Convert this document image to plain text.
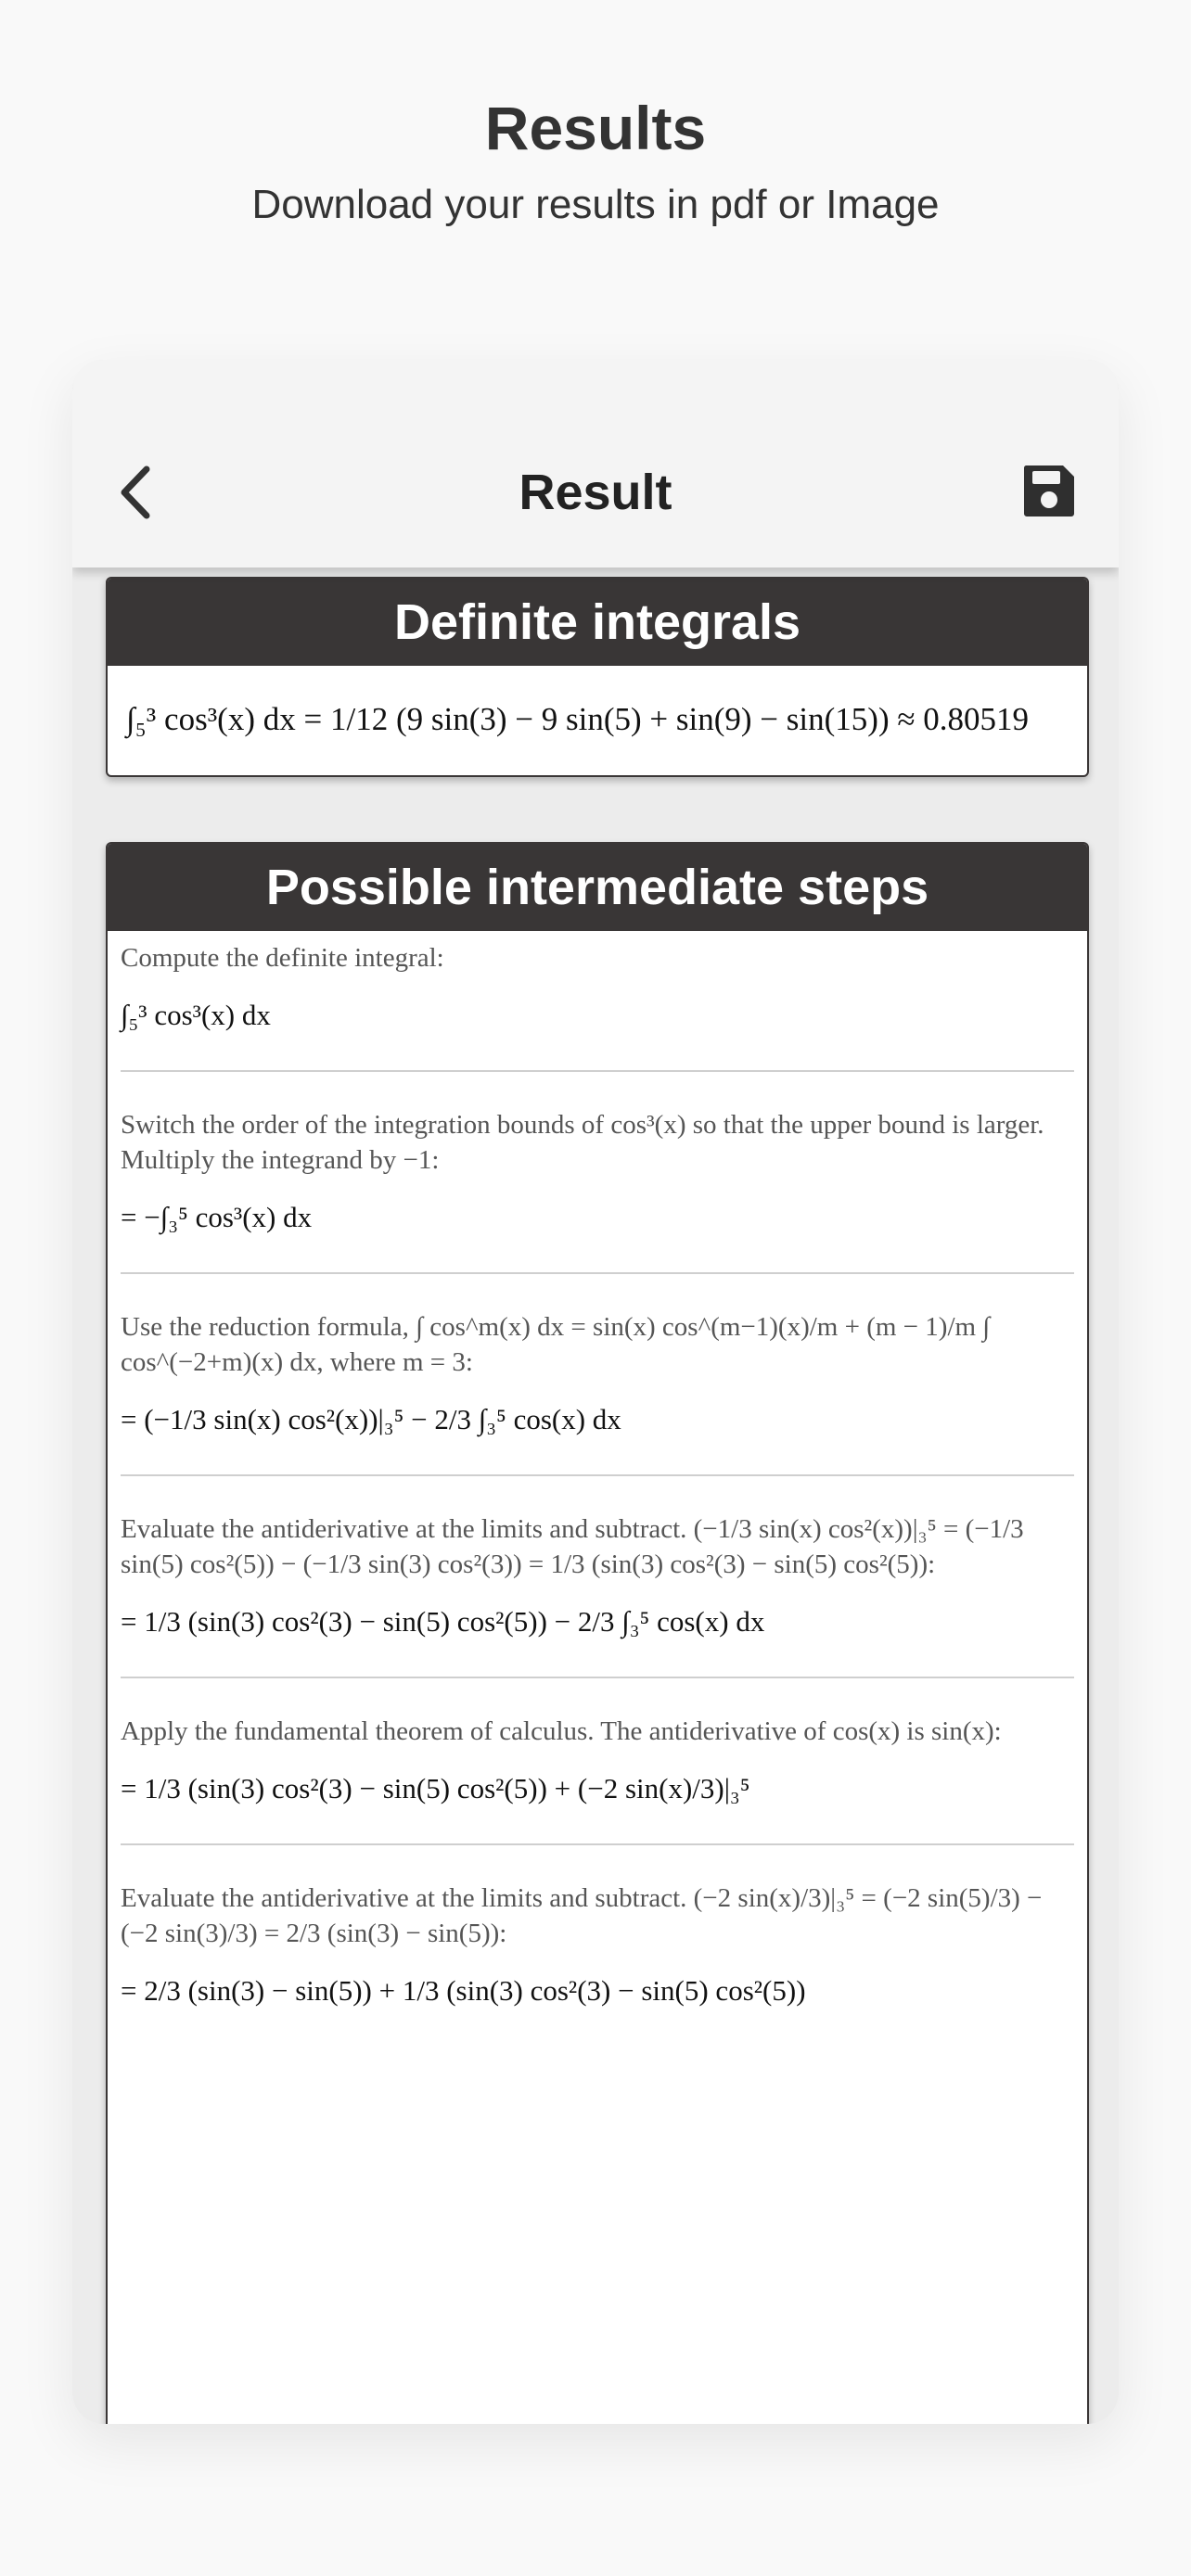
Results
Download your results in pdf or Image
Result
Definite integrals
∫₅³ cos³(x) dx = 1/12 (9 sin(3) − 9 sin(5) + sin(9) − sin(15)) ≈ 0.80519
Possible intermediate steps
Compute the definite integral:
∫₅³ cos³(x) dx
Switch the order of the integration bounds of cos³(x) so that the upper bound is larger. Multiply the integrand by −1:
= −∫₃⁵ cos³(x) dx
Use the reduction formula, ∫ cos^m(x) dx = sin(x) cos^(m−1)(x)/m + (m − 1)/m ∫ cos^(−2+m)(x) dx, where m = 3:
= (−1/3 sin(x) cos²(x))|₃⁵ − 2/3 ∫₃⁵ cos(x) dx
Evaluate the antiderivative at the limits and subtract. (−1/3 sin(x) cos²(x))|₃⁵ = (−1/3 sin(5) cos²(5)) − (−1/3 sin(3) cos²(3)) = 1/3 (sin(3) cos²(3) − sin(5) cos²(5)):
= 1/3 (sin(3) cos²(3) − sin(5) cos²(5)) − 2/3 ∫₃⁵ cos(x) dx
Apply the fundamental theorem of calculus. The antiderivative of cos(x) is sin(x):
= 1/3 (sin(3) cos²(3) − sin(5) cos²(5)) + (−2 sin(x)/3)|₃⁵
Evaluate the antiderivative at the limits and subtract. (−2 sin(x)/3)|₃⁵ = (−2 sin(5)/3) − (−2 sin(3)/3) = 2/3 (sin(3) − sin(5)):
= 2/3 (sin(3) − sin(5)) + 1/3 (sin(3) cos²(3) − sin(5) cos²(5))
